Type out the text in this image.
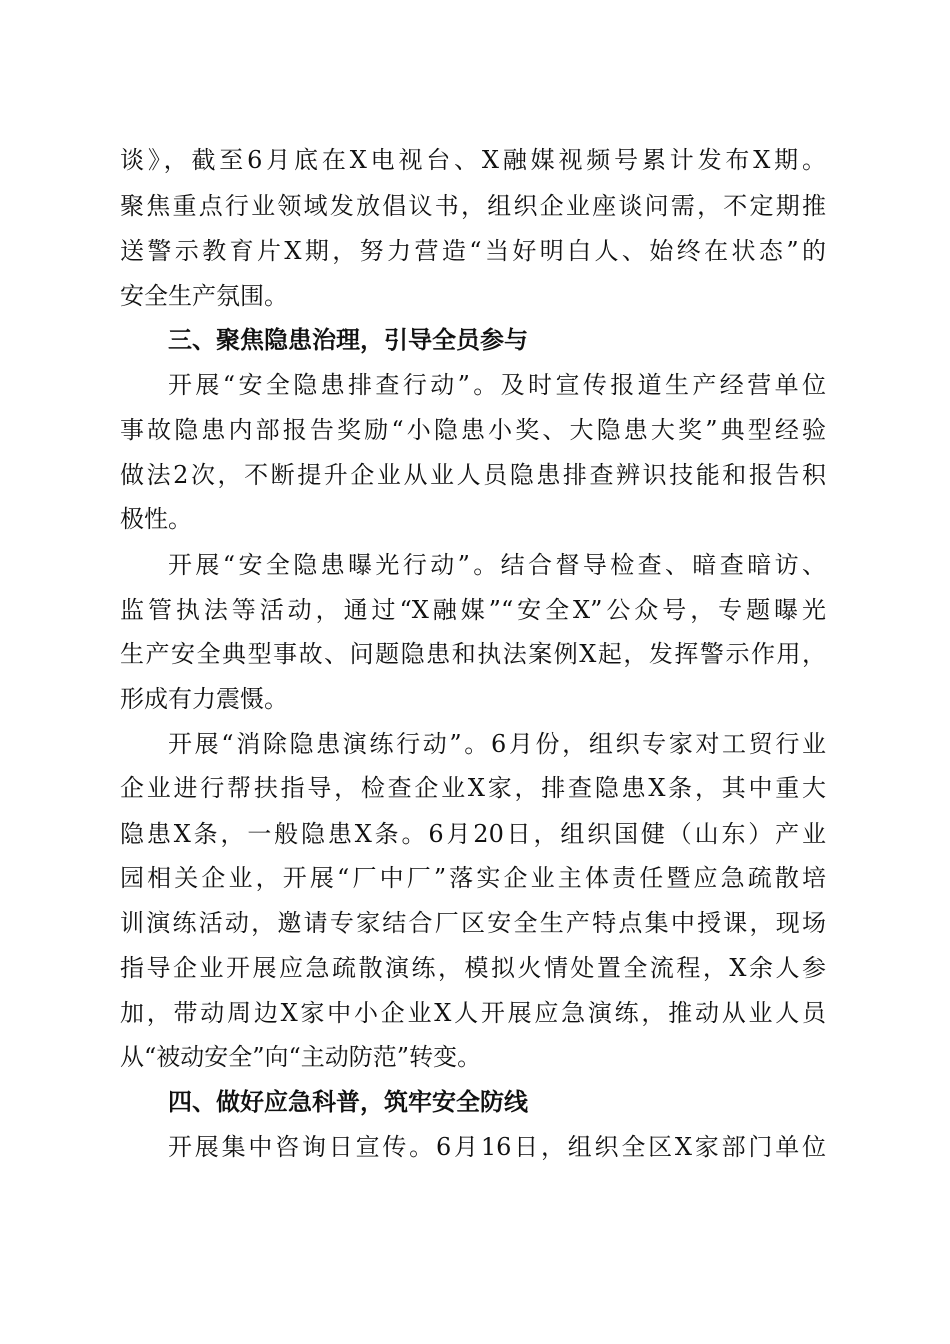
谈》，截至6月底在X电视台、X融媒视频号累计发布X期。
聚焦重点行业领域发放倡议书，组织企业座谈问需，不定期推
送警示教育片X期，努力营造“当好明白人、始终在状态”的
安全生产氛围。
三、聚焦隐患治理，引导全员参与
开展“安全隐患排查行动”。及时宣传报道生产经营单位
事故隐患内部报告奖励“小隐患小奖、大隐患大奖”典型经验
做法2次，不断提升企业从业人员隐患排查辨识技能和报告积
极性。
开展“安全隐患曝光行动”。结合督导检查、暗查暗访、
监管执法等活动，通过“X融媒”“安全X”公众号，专题曝光
生产安全典型事故、问题隐患和执法案例X起，发挥警示作用，
形成有力震慑。
开展“消除隐患演练行动”。6月份，组织专家对工贸行业
企业进行帮扶指导，检查企业X家，排查隐患X条，其中重大
隐患X条，一般隐患X条。6月20日，组织国健（山东）产业
园相关企业，开展“厂中厂”落实企业主体责任暨应急疏散培
训演练活动，邀请专家结合厂区安全生产特点集中授课，现场
指导企业开展应急疏散演练，模拟火情处置全流程，X余人参
加，带动周边X家中小企业X人开展应急演练，推动从业人员
从“被动安全”向“主动防范”转变。
四、做好应急科普，筑牢安全防线
开展集中咨询日宣传。6月16日，组织全区X家部门单位
